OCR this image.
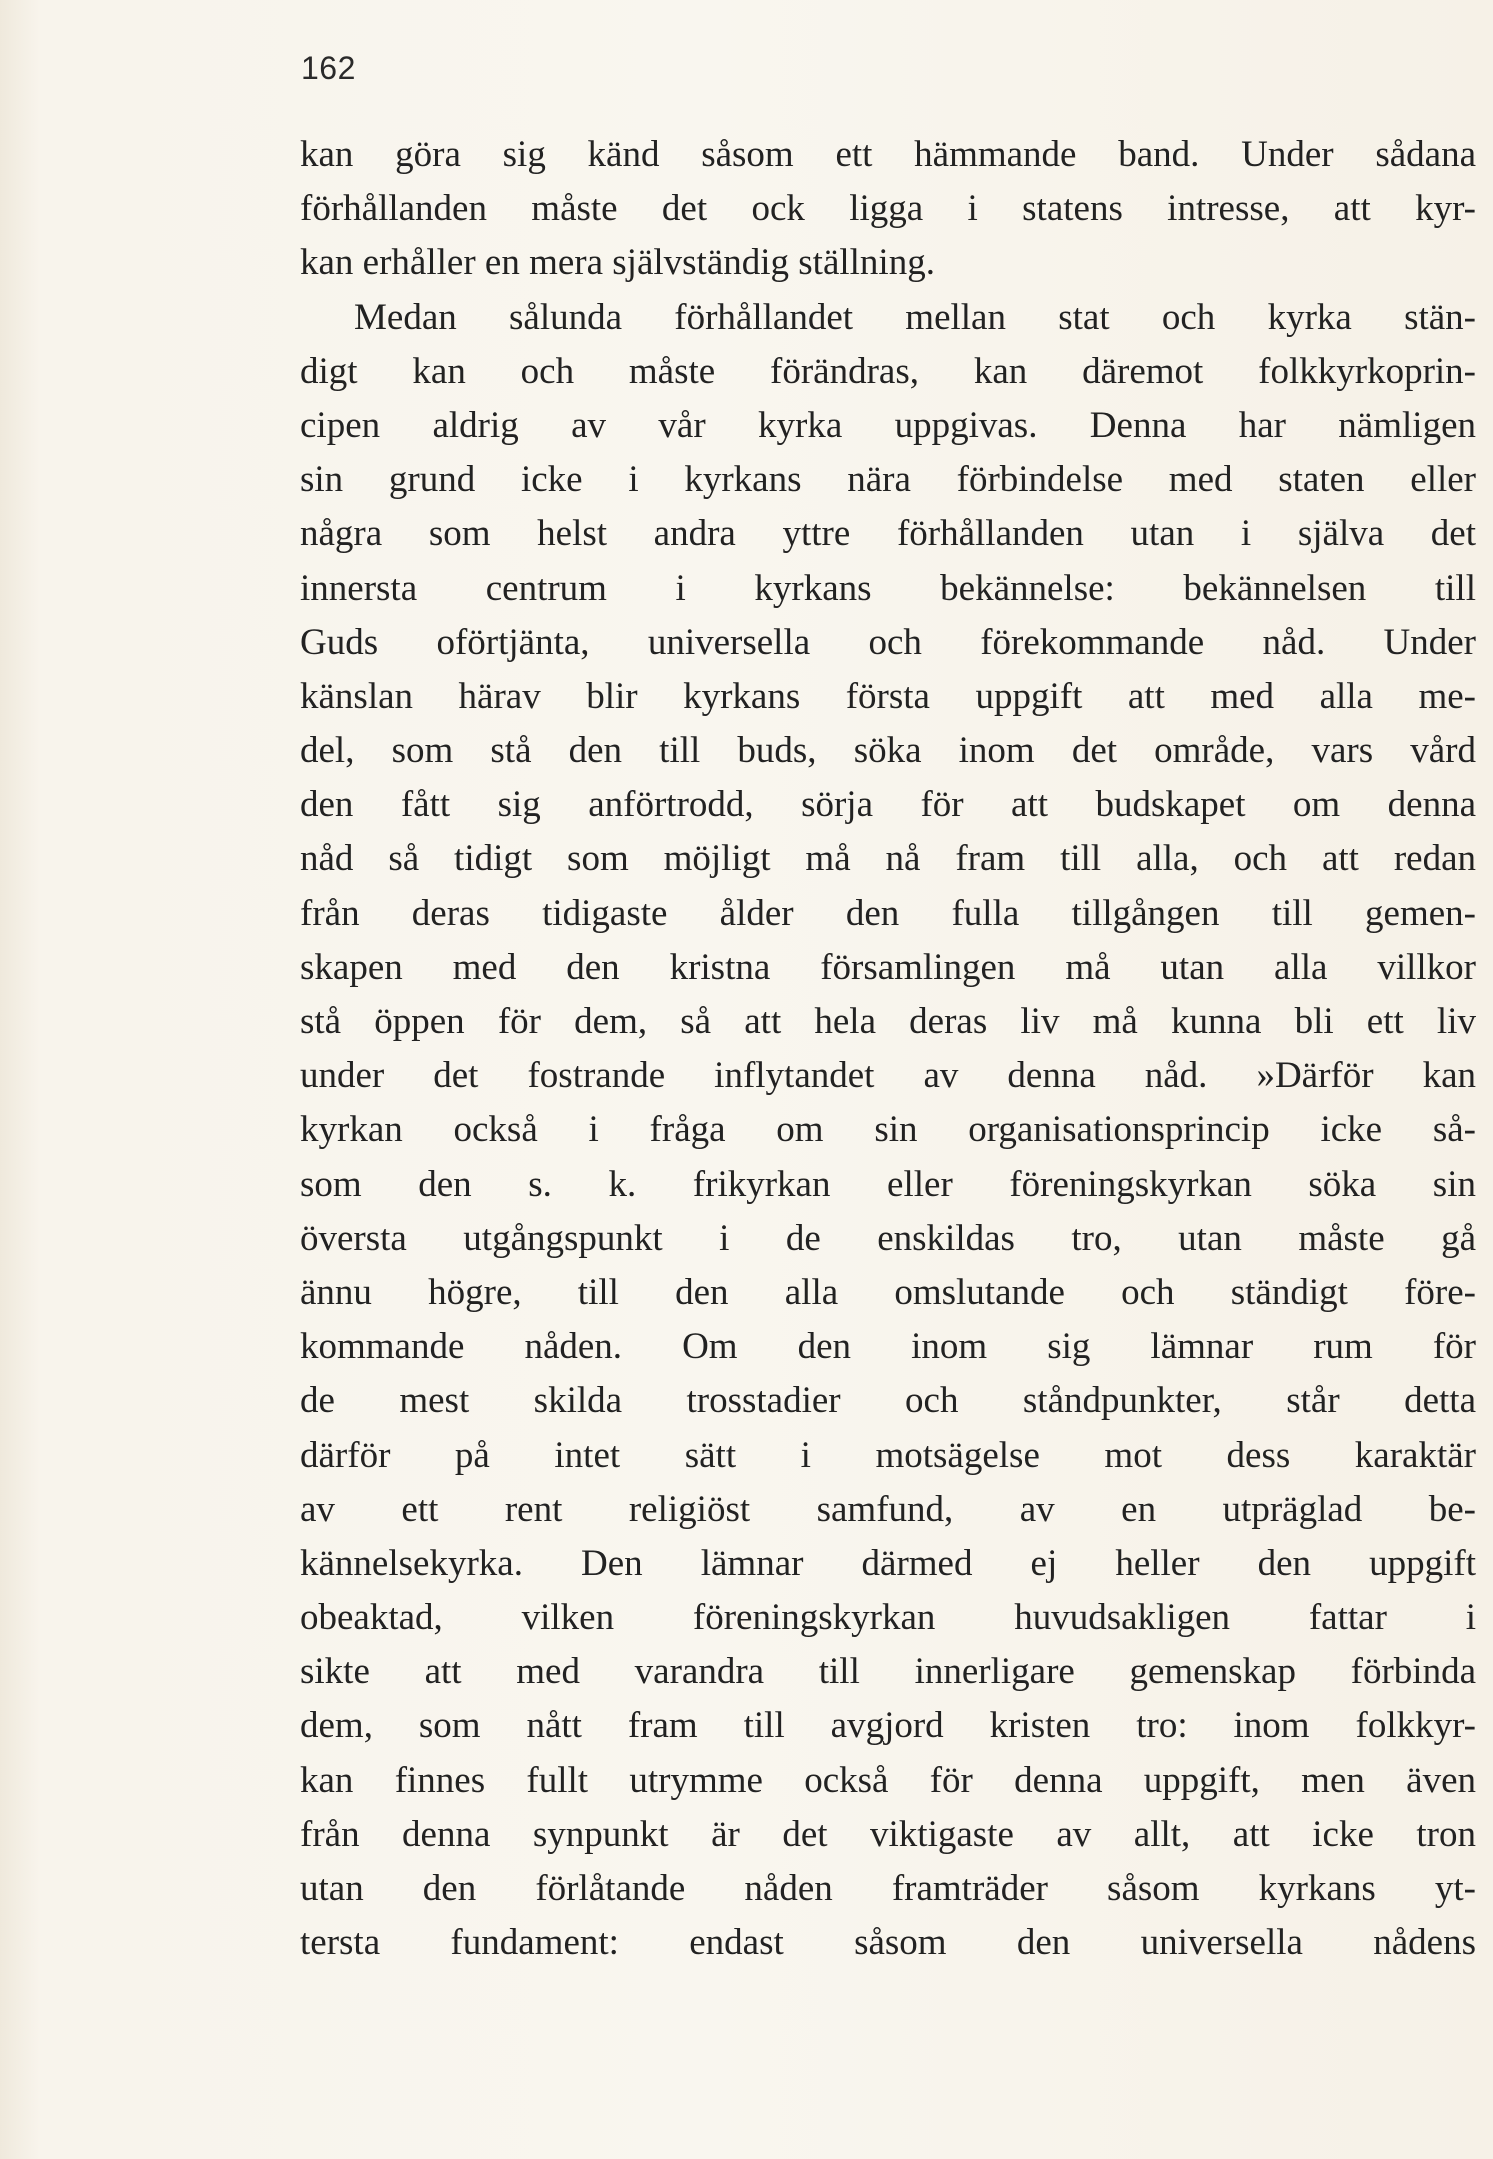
162
kan göra sig känd såsom ett hämmande band. Under sådana
förhållanden måste det ock ligga i statens intresse, att kyr-
kan erhåller en mera självständig ställning.
Medan sålunda förhållandet mellan stat och kyrka stän-
digt kan och måste förändras, kan däremot folkkyrkoprin-
cipen aldrig av vår kyrka uppgivas. Denna har nämligen
sin grund icke i kyrkans nära förbindelse med staten eller
några som helst andra yttre förhållanden utan i själva det
innersta centrum i kyrkans bekännelse: bekännelsen till
Guds oförtjänta, universella och förekommande nåd. Under
känslan härav blir kyrkans första uppgift att med alla me-
del, som stå den till buds, söka inom det område, vars vård
den fått sig anförtrodd, sörja för att budskapet om denna
nåd så tidigt som möjligt må nå fram till alla, och att redan
från deras tidigaste ålder den fulla tillgången till gemen-
skapen med den kristna församlingen må utan alla villkor
stå öppen för dem, så att hela deras liv må kunna bli ett liv
under det fostrande inflytandet av denna nåd. »Därför kan
kyrkan också i fråga om sin organisationsprincip icke så-
som den s. k. frikyrkan eller föreningskyrkan söka sin
översta utgångspunkt i de enskildas tro, utan måste gå
ännu högre, till den alla omslutande och ständigt före-
kommande nåden. Om den inom sig lämnar rum för
de mest skilda trosstadier och ståndpunkter, står detta
därför på intet sätt i motsägelse mot dess karaktär
av ett rent religiöst samfund, av en utpräglad be-
kännelsekyrka. Den lämnar därmed ej heller den uppgift
obeaktad, vilken föreningskyrkan huvudsakligen fattar i
sikte att med varandra till innerligare gemenskap förbinda
dem, som nått fram till avgjord kristen tro: inom folkkyr-
kan finnes fullt utrymme också för denna uppgift, men även
från denna synpunkt är det viktigaste av allt, att icke tron
utan den förlåtande nåden framträder såsom kyrkans yt-
tersta fundament: endast såsom den universella nådens
